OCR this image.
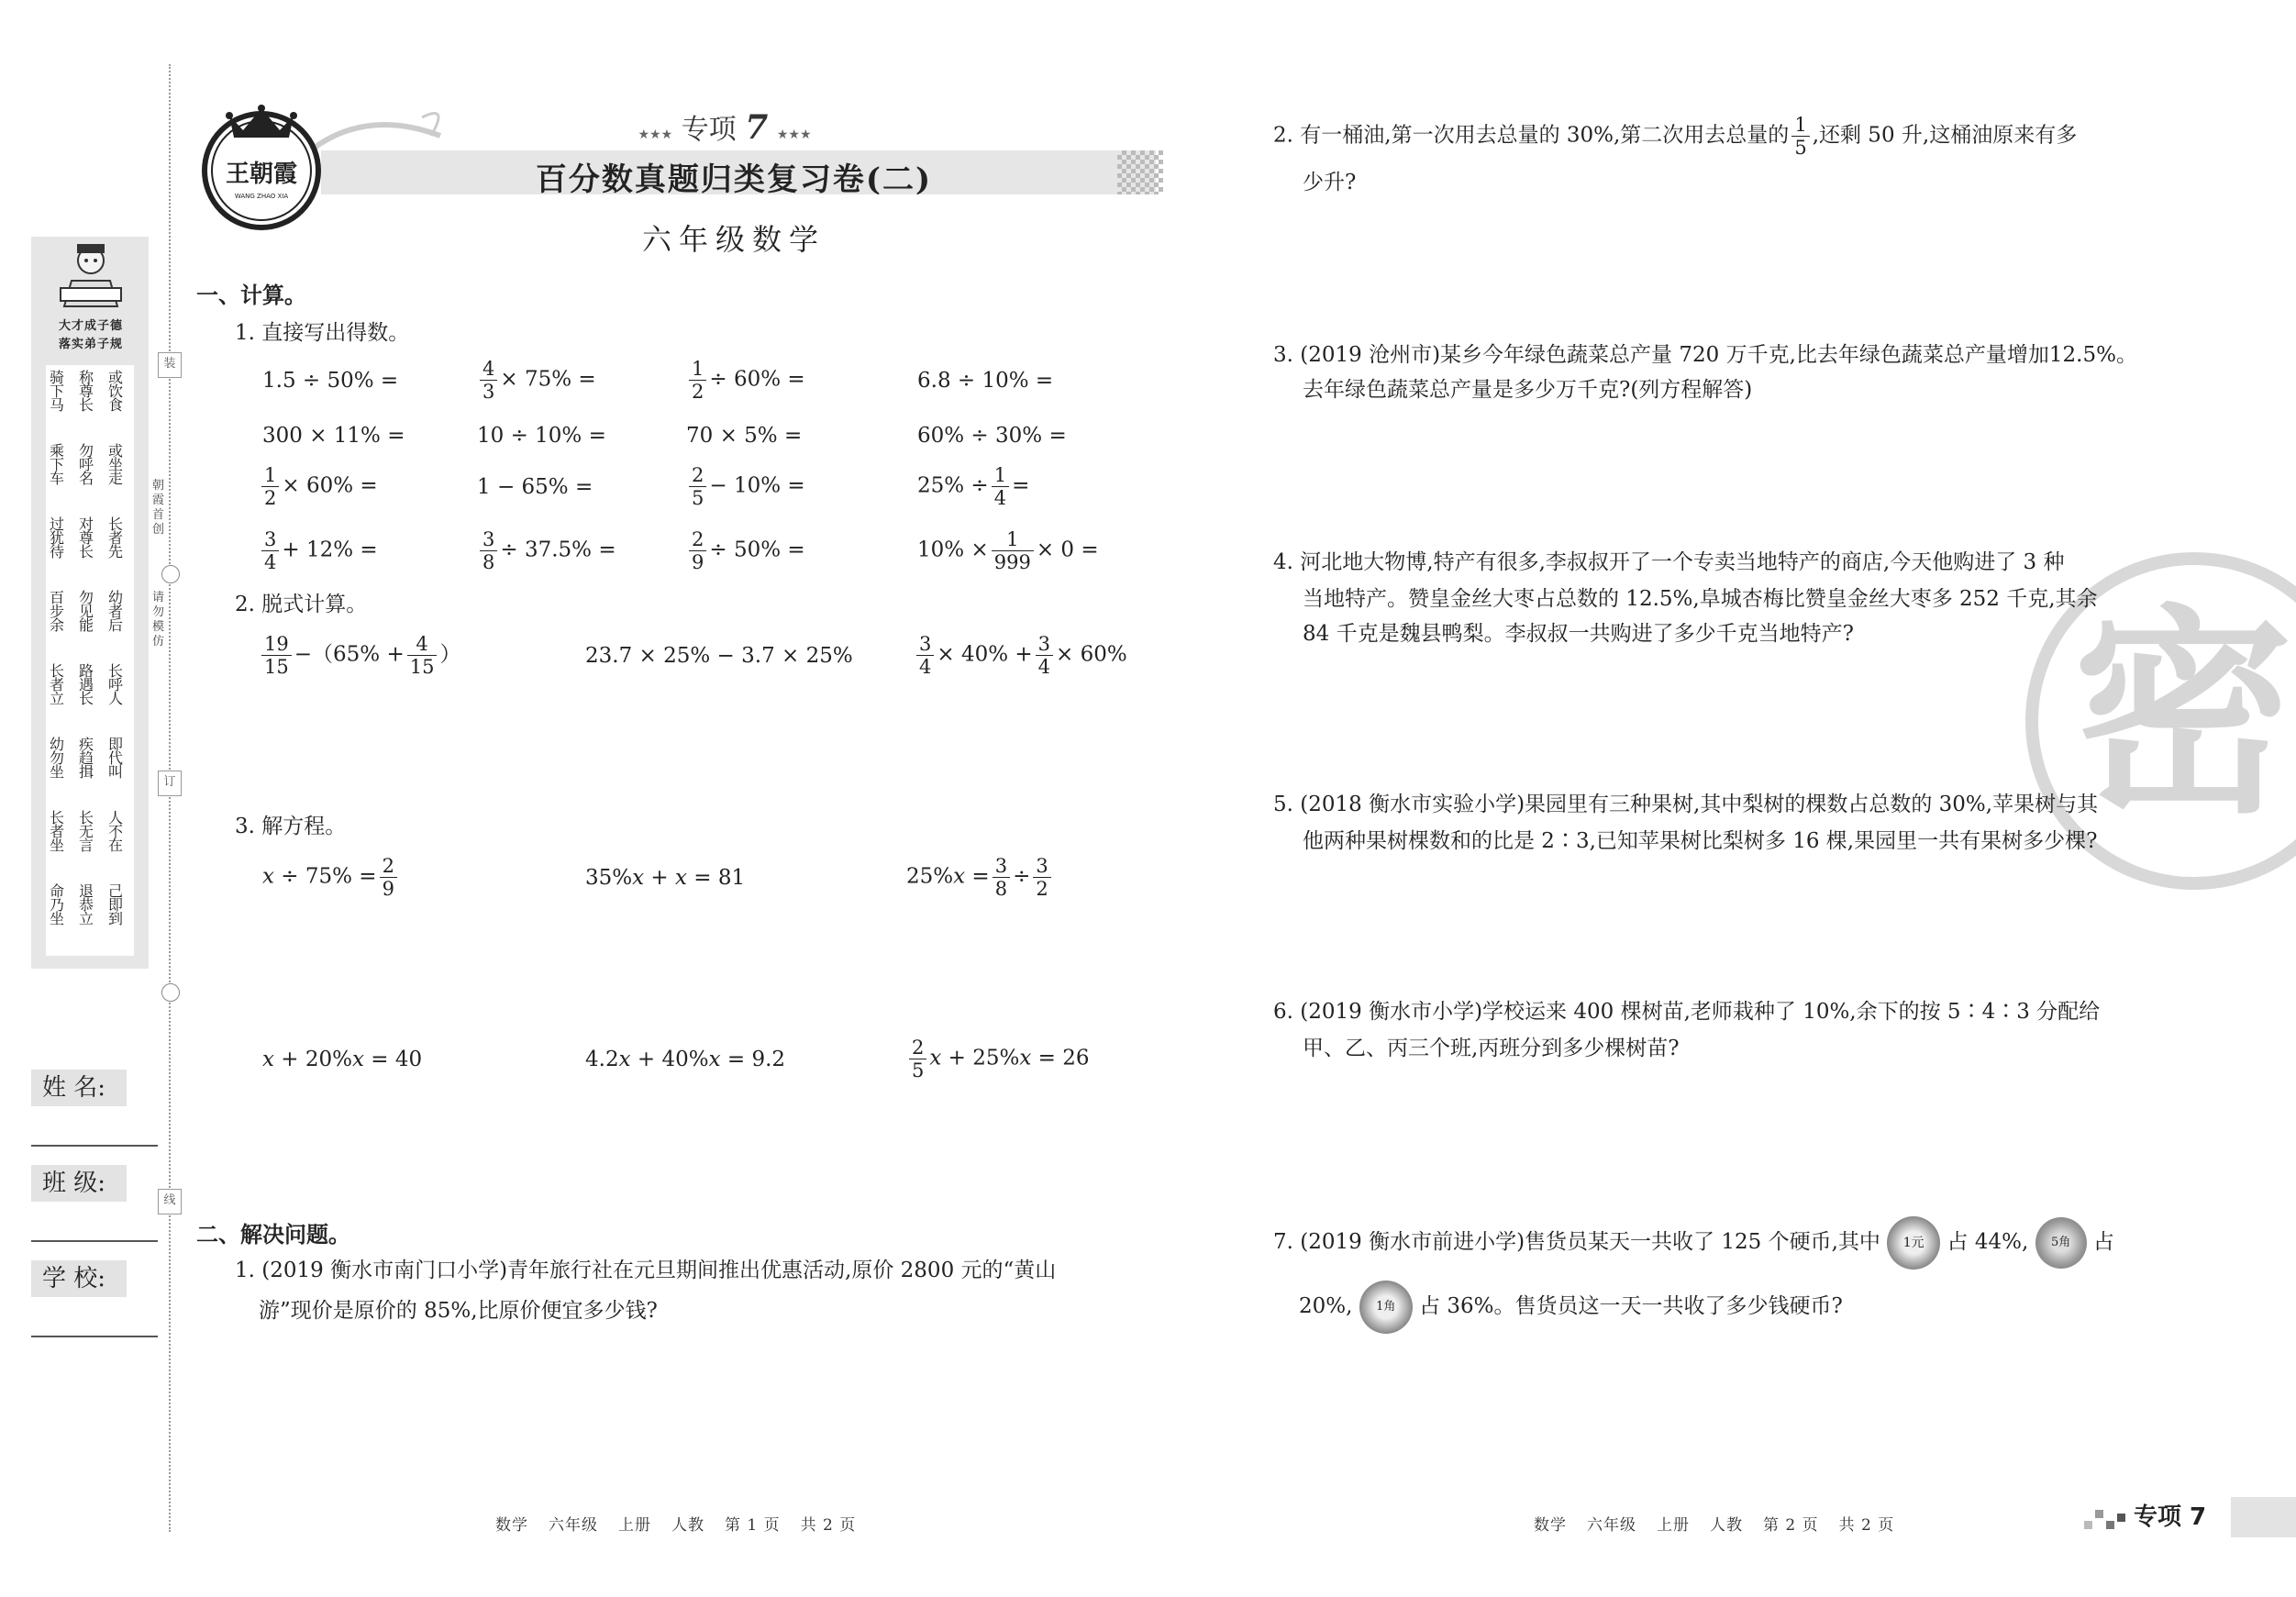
装
朝霞首创
请勿模仿
订
线
大才成子德
落实弟子规
骑下马
称尊长
或饮食
乘下车
勿呼名
或坐走
过犹待
对尊长
长者先
百步余
勿见能
幼者后
长者立
路遇长
长呼人
幼勿坐
疾趋揖
即代叫
长者坐
长无言
人不在
命乃坐
退恭立
己即到
姓 名:
班 级:
学 校:
王朝霞
WANG ZHAO XIA
★★★ 专项 7 ★★★
百分数真题归类复习卷(二)
六年级数学
一、计算。
1. 直接写出得数。
1.5 ÷ 50% =	$\frac{4}{3} \times 75\%$ =	$\frac{1}{2} \div 60\%$ =	6.8 ÷ 10% =
300 × 11% =	10 ÷ 10% =	70 × 5% =	60% ÷ 30% =
$\frac{1}{2} \times 60\%$ =	1 − 65% =	$\frac{2}{5} - 10\%$ =	$25\% \div \frac{1}{4}$ =
$\frac{3}{4} + 12\%$ =	$\frac{3}{8} \div 37.5\%$ =	$\frac{2}{9} \div 50\%$ =	$10\% \times \frac{1}{999} \times 0$ =
2. 脱式计算。
$\frac{19}{15} -(65\% + \frac{4}{15}$ ）	23.7 × 25% − 3.7 × 25%	$\frac{3}{4} \times 40\% + \frac{3}{4} \times 60\%$
3. 解方程。
$x \div 75\% = \frac{2}{9}$	35%x + x = 81	$25\%x = \frac{3}{8} \div \frac{3}{2}$
x + 20%x = 40	4.2x + 40%x = 9.2	$\frac{2}{5}$ x + 25%x = 26
二、解决问题。
1. (2019 衡水市南门口小学)青年旅行社在元旦期间推出优惠活动,原价 2800 元的“黄山
游”现价是原价的 85%,比原价便宜多少钱?
密
2. 有一桶油,第一次用去总量的 30%,第二次用去总量的 $\frac{1}{5}$ ,还剩 50 升,这桶油原来有多
少升?
3. (2019 沧州市)某乡今年绿色蔬菜总产量 720 万千克,比去年绿色蔬菜总产量增加12.5%。
去年绿色蔬菜总产量是多少万千克?(列方程解答)
4. 河北地大物博,特产有很多,李叔叔开了一个专卖当地特产的商店,今天他购进了 3 种
当地特产。赞皇金丝大枣占总数的 12.5%,阜城杏梅比赞皇金丝大枣多 252 千克,其余
84 千克是魏县鸭梨。李叔叔一共购进了多少千克当地特产?
5. (2018 衡水市实验小学)果园里有三种果树,其中梨树的棵数占总数的 30%,苹果树与其
他两种果树棵数和的比是 2∶3,已知苹果树比梨树多 16 棵,果园里一共有果树多少棵?
6. (2019 衡水市小学)学校运来 400 棵树苗,老师栽种了 10%,余下的按 5∶4∶3 分配给
甲、乙、丙三个班,丙班分到多少棵树苗?
7. (2019 衡水市前进小学)售货员某天一共收了 125 个硬币,其中	1元	占 44%,	5角	占
20%,	1角	占 36%。售货员这一天一共收了多少钱硬币?
数学 六年级 上册 人教 第 1 页 共 2 页	数学 六年级 上册 人教 第 2 页 共 2 页	专项 7
